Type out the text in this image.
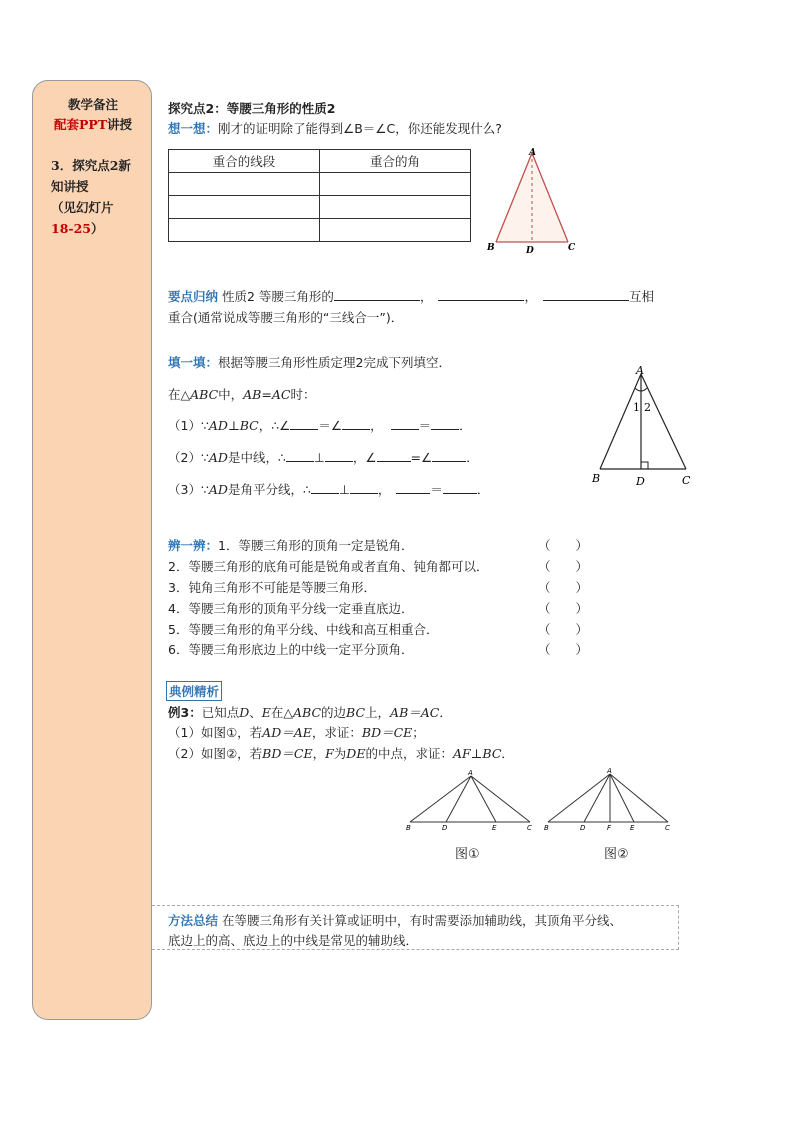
教学备注
配套PPT讲授
3．探究点2新
知讲授
（见幻灯片
18-25）
探究点2：等腰三角形的性质2
想一想：刚才的证明除了能得到∠B＝∠C，你还能发现什么?
重合的线段	重合的角

A
B	D	C
要点归纳 性质2 等腰三角形的	，	，	互相
重合(通常说成等腰三角形的“三线合一”)．
填一填：根据等腰三角形性质定理2完成下列填空．
在△ABC中，AB=AC时：
（1）∵AD⊥BC，∴∠ ＝∠ ，	＝ ．
（2）∵AD是中线，∴ ⊥ ，∠	=∠	．
（3）∵AD是角平分线，∴ ⊥ ，	＝	．
A
B	D	C
1 2
辨一辨：1．等腰三角形的顶角一定是锐角．
2．等腰三角形的底角可能是锐角或者直角、钝角都可以．
3．钝角三角形不可能是等腰三角形．
4．等腰三角形的顶角平分线一定垂直底边．
5．等腰三角形的角平分线、中线和高互相重合．
6．等腰三角形底边上的中线一定平分顶角．
（　　）
（　　）
（　　）
（　　）
（　　）
（　　）
典例精析
例3：已知点D、E在△ABC的边BC上，AB＝AC．
（1）如图①，若AD＝AE，求证：BD＝CE；
（2）如图②，若BD＝CE，F为DE的中点，求证：AF⊥BC．
A
B	D	E	C
图①
A
B	D	F	E	C
图②
方法总结 在等腰三角形有关计算或证明中，有时需要添加辅助线，其顶角平分线、
底边上的高、底边上的中线是常见的辅助线．
